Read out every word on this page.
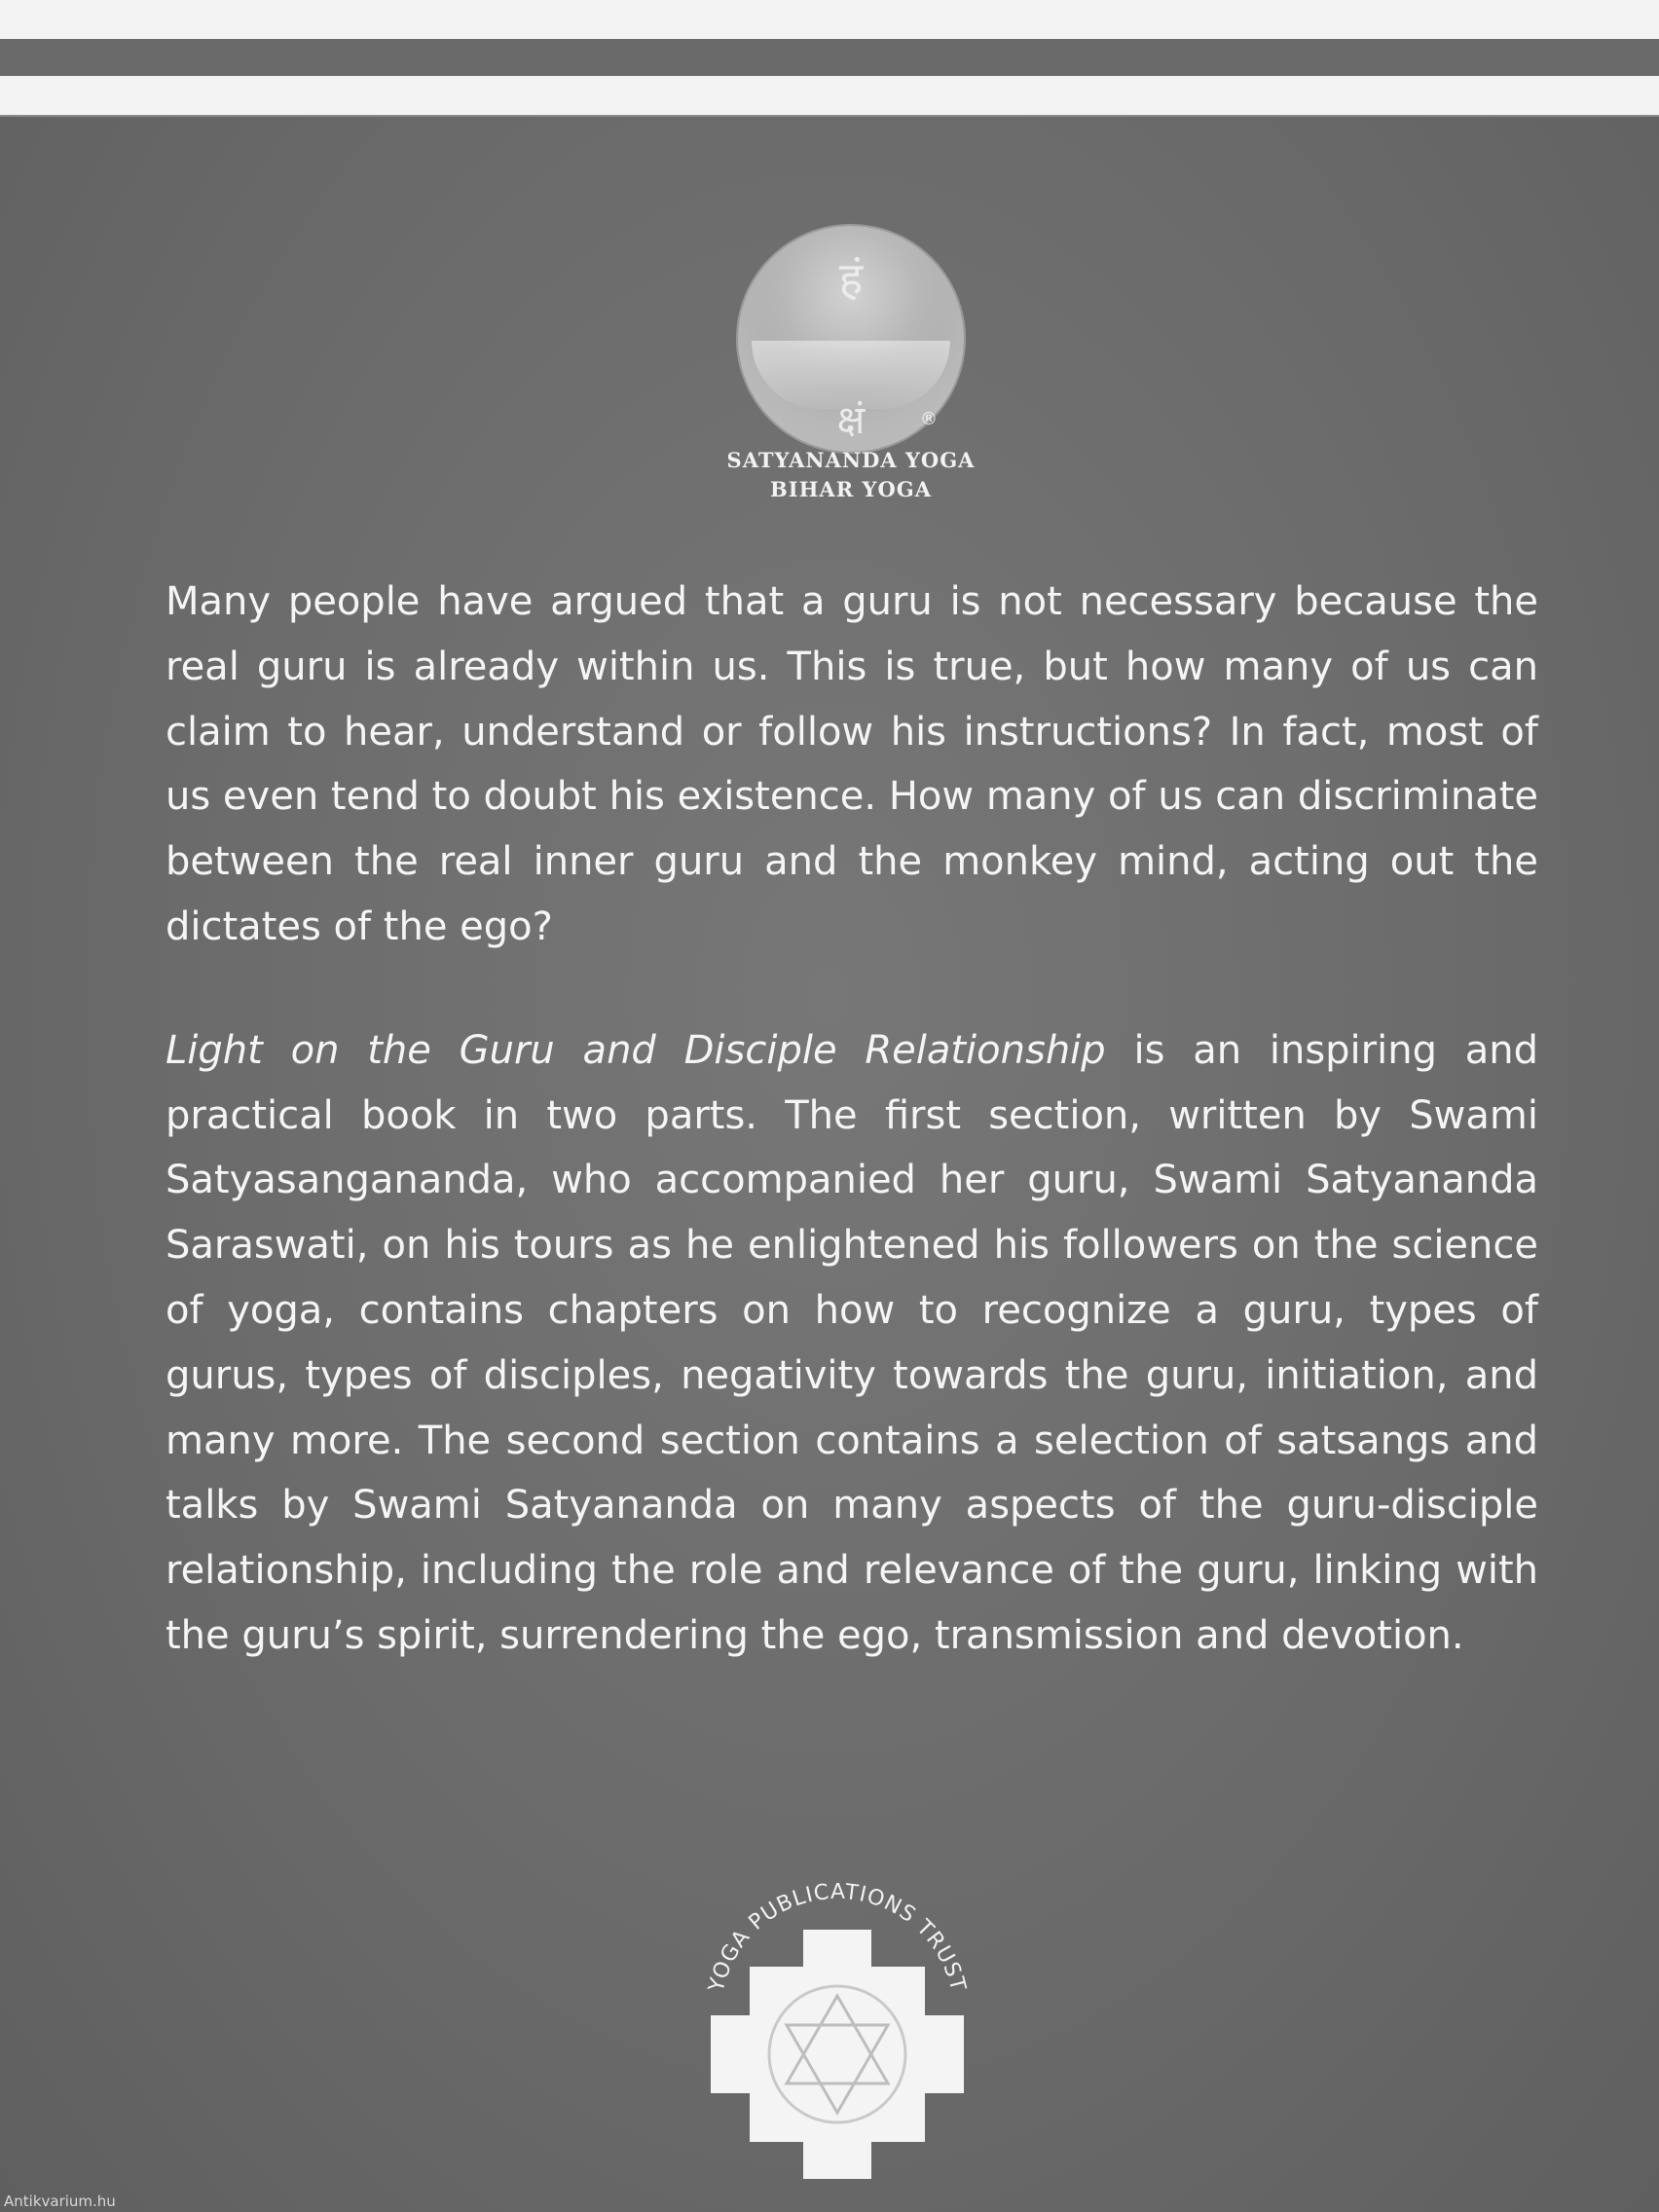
हं
क्षं	®
SATYANANDA YOGA
BIHAR YOGA

Many people have argued that a guru is not necessary because the real guru is already within us. This is true, but how many of us can claim to hear, understand or follow his instructions? In fact, most of us even tend to doubt his existence. How many of us can discriminate between the real inner guru and the monkey mind, acting out the dictates of the ego?

Light on the Guru and Disciple Relationship is an inspiring and practical book in two parts. The first section, written by Swami Satyasangananda, who accompanied her guru, Swami Satyananda Saraswati, on his tours as he enlightened his followers on the science of yoga, contains chapters on how to recognize a guru, types of gurus, types of disciples, negativity towards the guru, initiation, and many more. The second section contains a selection of satsangs and talks by Swami Satyananda on many aspects of the guru-disciple relationship, including the role and relevance of the guru, linking with the guru’s spirit, surrendering the ego, transmission and devotion.

YOGA PUBLICATIONS TRUST
Antikvarium.hu
